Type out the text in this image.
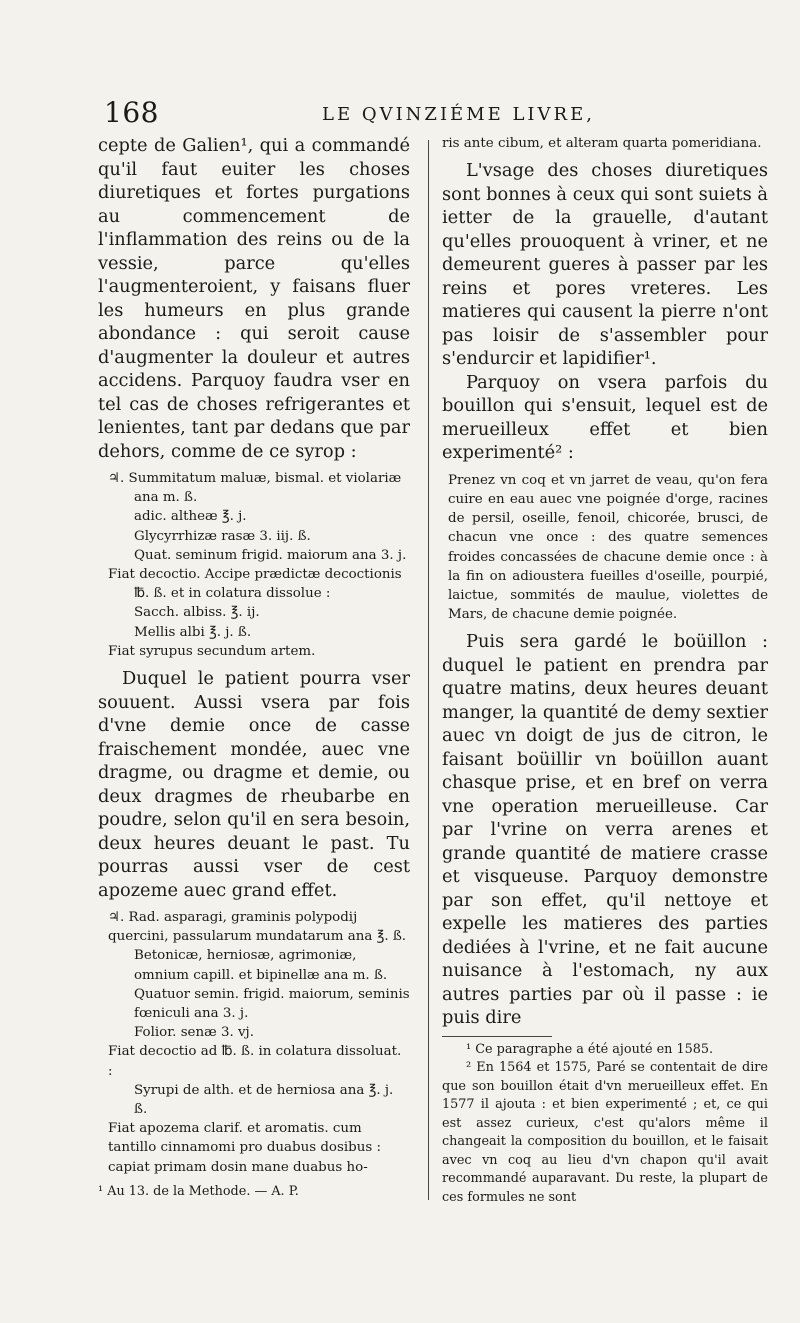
168	LE QVINZIÉME LIVRE,

cepte de Galien¹, qui a commandé qu'il faut euiter les choses diuretiques et fortes purgations au commencement de l'inflammation des reins ou de la vessie, parce qu'elles l'augmenteroient, y faisans fluer les humeurs en plus grande abondance : qui seroit cause d'augmenter la douleur et autres accidens. Parquoy faudra vser en tel cas de choses refrigerantes et lenientes, tant par dedans que par dehors, comme de ce syrop :

♃. Summitatum maluæ, bismal. et violariæ
ana m. ß.
adic. altheæ ℥. j.
Glycyrrhizæ rasæ 3. iij. ß.
Quat. seminum frigid. maiorum ana 3. j.
Fiat decoctio. Accipe prædictæ decoctionis
℔. ß. et in colatura dissolue :
Sacch. albiss. ℥. ij.
Mellis albi ℥. j. ß.
Fiat syrupus secundum artem.

Duquel le patient pourra vser souuent. Aussi vsera par fois d'vne demie once de casse fraischement mondée, auec vne dragme, ou dragme et demie, ou deux dragmes de rheubarbe en poudre, selon qu'il en sera besoin, deux heures deuant le past. Tu pourras aussi vser de cest apozeme auec grand effet.

♃. Rad. asparagi, graminis polypodij quercini, passularum mundatarum ana ℥. ß.
Betonicæ, herniosæ, agrimoniæ, omnium capill. et bipinellæ ana m. ß.
Quatuor semin. frigid. maiorum, seminis fœniculi ana 3. j.
Folior. senæ 3. vj.
Fiat decoctio ad ℔. ß. in colatura dissoluat. :
Syrupi de alth. et de herniosa ana ℥. j. ß.
Fiat apozema clarif. et aromatis. cum tantillo cinnamomi pro duabus dosibus : capiat primam dosin mane duabus ho-

¹ Au 13. de la Methode. — A. P.

ris ante cibum, et alteram quarta pomeridiana.

L'vsage des choses diuretiques sont bonnes à ceux qui sont suiets à ietter de la grauelle, d'autant qu'elles prouoquent à vriner, et ne demeurent gueres à passer par les reins et pores vreteres. Les matieres qui causent la pierre n'ont pas loisir de s'assembler pour s'endurcir et lapidifier¹.

Parquoy on vsera parfois du bouillon qui s'ensuit, lequel est de merueilleux effet et bien experimenté² :

Prenez vn coq et vn jarret de veau, qu'on fera cuire en eau auec vne poignée d'orge, racines de persil, oseille, fenoil, chicorée, brusci, de chacun vne once : des quatre semences froides concassées de chacune demie once : à la fin on adioustera fueilles d'oseille, pourpié, laictue, sommités de maulue, violettes de Mars, de chacune demie poignée.

Puis sera gardé le boüillon : duquel le patient en prendra par quatre matins, deux heures deuant manger, la quantité de demy sextier auec vn doigt de jus de citron, le faisant boüillir vn boüillon auant chasque prise, et en bref on verra vne operation merueilleuse. Car par l'vrine on verra arenes et grande quantité de matiere crasse et visqueuse. Parquoy demonstre par son effet, qu'il nettoye et expelle les matieres des parties dediées à l'vrine, et ne fait aucune nuisance à l'estomach, ny aux autres parties par où il passe : ie puis dire

¹ Ce paragraphe a été ajouté en 1585.

² En 1564 et 1575, Paré se contentait de dire que son bouillon était d'vn merueilleux effet. En 1577 il ajouta : et bien experimenté ; et, ce qui est assez curieux, c'est qu'alors même il changeait la composition du bouillon, et le faisait avec vn coq au lieu d'vn chapon qu'il avait recommandé auparavant. Du reste, la plupart de ces formules ne sont
